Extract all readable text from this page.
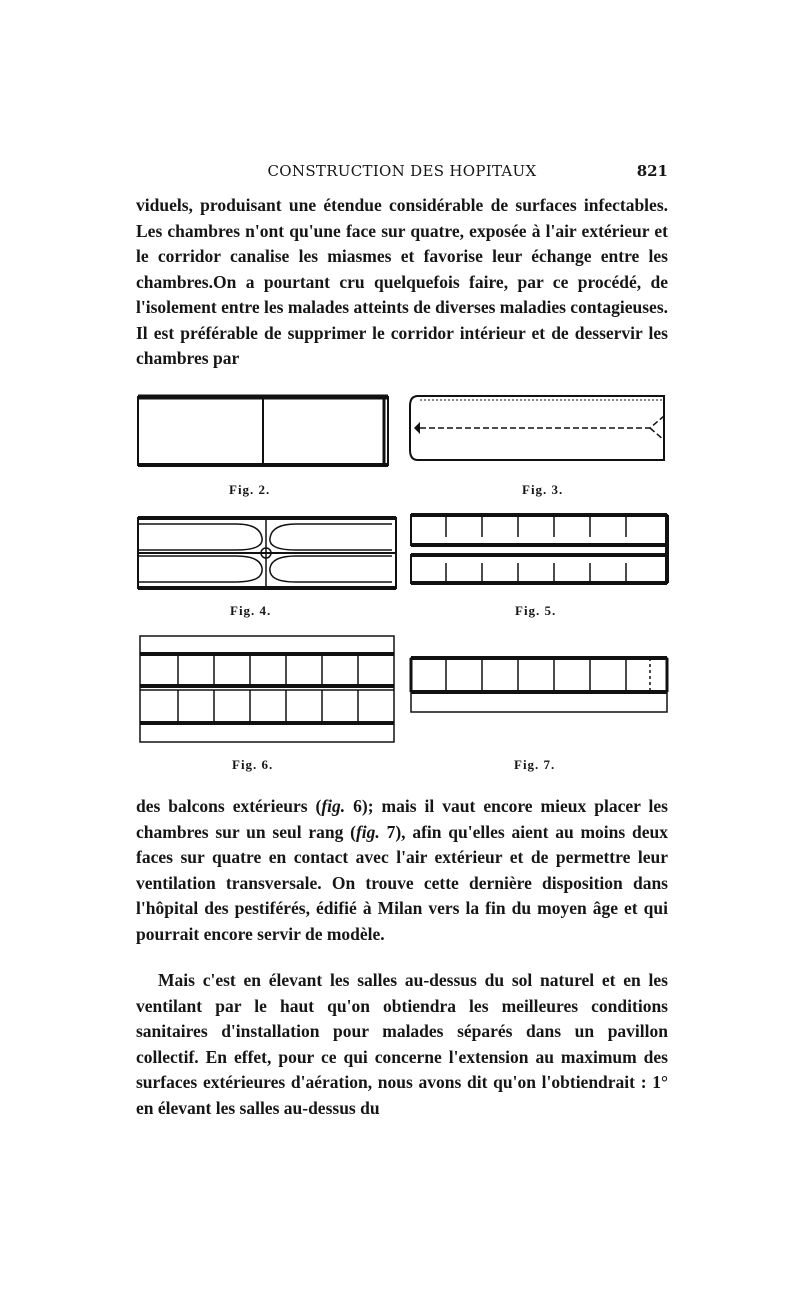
CONSTRUCTION DES HOPITAUX	821

viduels, produisant une étendue considérable de surfaces infectables. Les chambres n'ont qu'une face sur quatre, exposée à l'air extérieur et le corridor canalise les miasmes et favorise leur échange entre les chambres.On a pourtant cru quelquefois faire, par ce procédé, de l'isolement entre les malades atteints de diverses maladies contagieuses. Il est préférable de supprimer le corridor intérieur et de desservir les chambres par

Fig. 2.	Fig. 3.
Fig. 4.	Fig. 5.
Fig. 6.	Fig. 7.

des balcons extérieurs (fig. 6); mais il vaut encore mieux placer les chambres sur un seul rang (fig. 7), afin qu'elles aient au moins deux faces sur quatre en contact avec l'air extérieur et de permettre leur ventilation transversale. On trouve cette dernière disposition dans l'hôpital des pestiférés, édifié à Milan vers la fin du moyen âge et qui pourrait encore servir de modèle.

Mais c'est en élevant les salles au-dessus du sol naturel et en les ventilant par le haut qu'on obtiendra les meilleures conditions sanitaires d'installation pour malades séparés dans un pavillon collectif. En effet, pour ce qui concerne l'extension au maximum des surfaces extérieures d'aération, nous avons dit qu'on l'obtiendrait : 1° en élevant les salles au-dessus du
